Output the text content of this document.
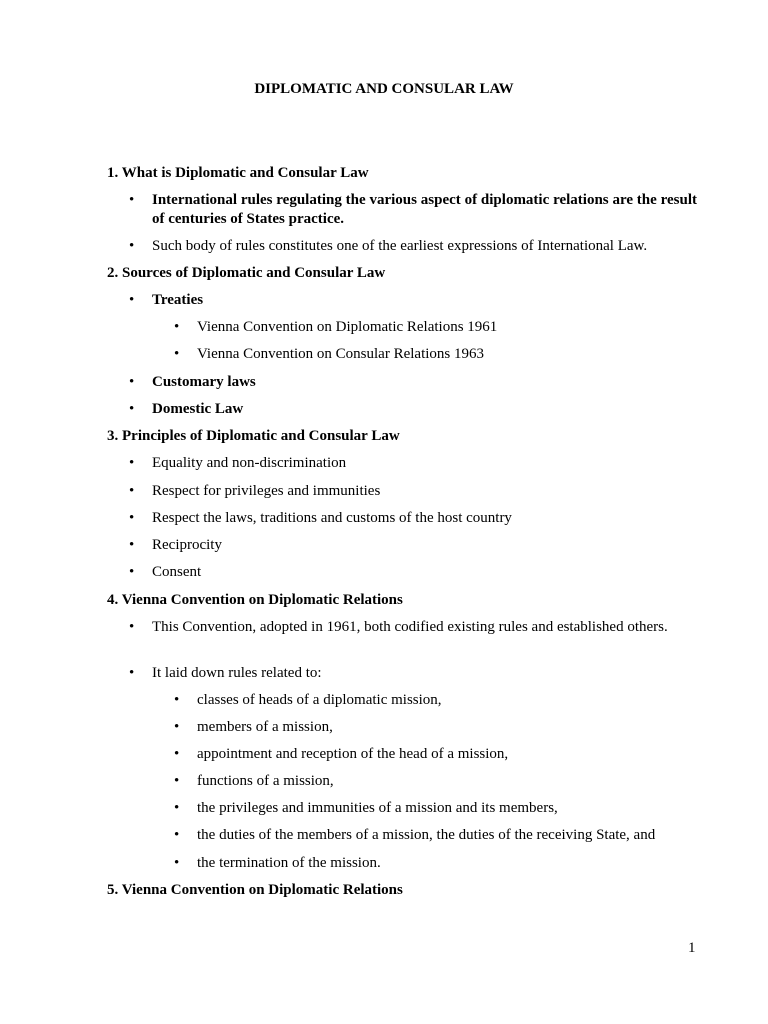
DIPLOMATIC AND CONSULAR LAW
1. What is Diplomatic and Consular Law
•	International rules regulating the various aspect of diplomatic relations are the result of centuries of States practice.
•	Such body of rules constitutes one of the earliest expressions of International Law.
2. Sources of Diplomatic and Consular Law
•	Treaties
•	Vienna Convention on Diplomatic Relations 1961
•	Vienna Convention on Consular Relations 1963
•	Customary laws
•	Domestic Law
3. Principles of Diplomatic and Consular Law
•	Equality and non-discrimination
•	Respect for privileges and immunities
•	Respect the laws, traditions and customs of the host country
•	Reciprocity
•	Consent
4. Vienna Convention on Diplomatic Relations
•	This Convention, adopted in 1961, both codified existing rules and established others.
•	It laid down rules related to:
•	classes of heads of a diplomatic mission,
•	members of a mission,
•	appointment and reception of the head of a mission,
•	functions of a mission,
•	the privileges and immunities of a mission and its members,
•	the duties of the members of a mission, the duties of the receiving State, and
•	the termination of the mission.
5. Vienna Convention on Diplomatic Relations
1
